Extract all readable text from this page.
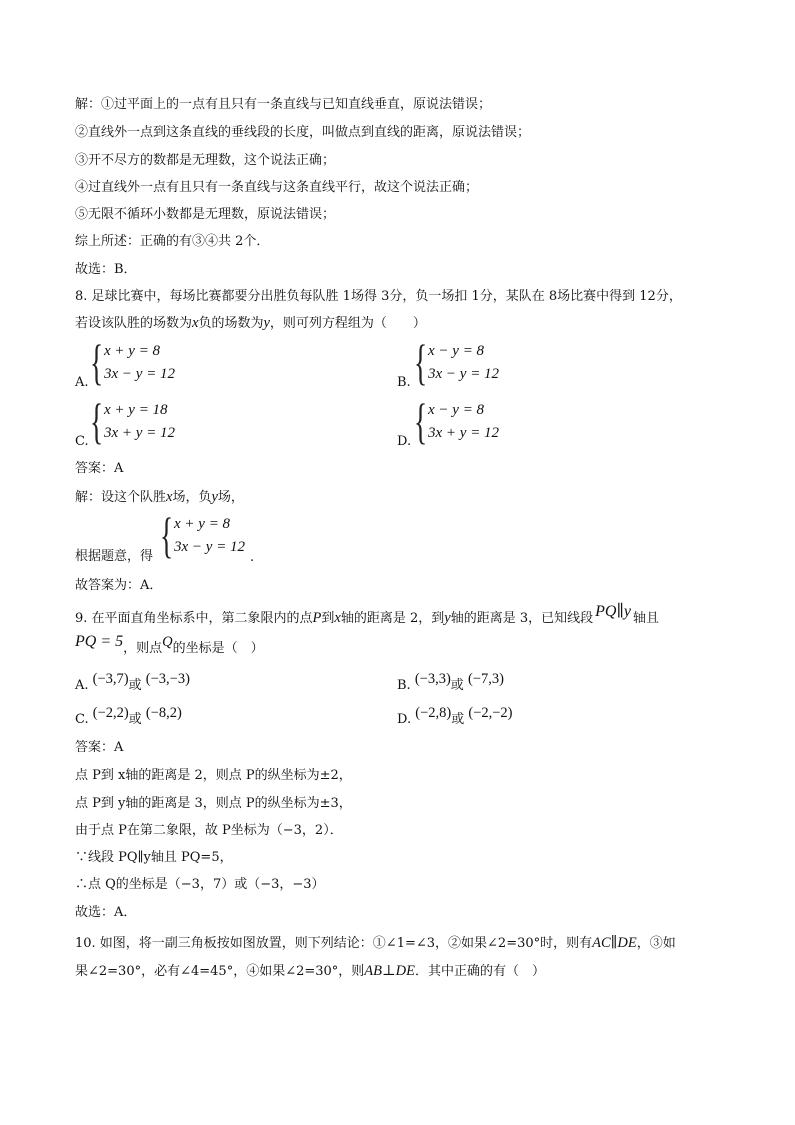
解：①过平面上的一点有且只有一条直线与已知直线垂直，原说法错误；
②直线外一点到这条直线的垂线段的长度，叫做点到直线的距离，原说法错误；
③开不尽方的数都是无理数，这个说法正确；
④过直线外一点有且只有一条直线与这条直线平行，故这个说法正确；
⑤无限不循环小数都是无理数，原说法错误；
综上所述：正确的有③④共 2个．
故选：B．
8. 足球比赛中，每场比赛都要分出胜负每队胜 1场得 3分，负一场扣 1分，某队在 8场比赛中得到 12分，
若设该队胜的场数为x负的场数为y，则可列方程组为（　　）
A. { x + y = 8
3x − y = 12
B. { x − y = 8
3x − y = 12
C. { x + y = 18
3x + y = 12
D. { x − y = 8
3x + y = 12
答案：A
解：设这个队胜x场，负y场，
根据题意，得 { x + y = 8
3x − y = 12
.
故答案为：A．
9. 在平面直角坐标系中，第二象限内的点P到x轴的距离是 2，到y轴的距离是 3，已知线段 PQ∥y 轴且
PQ = 5，则点Q的坐标是（　）
A. (−3,7)或 (−3,−3)	B. (−3,3)或 (−7,3)
C. (−2,2)或 (−8,2)	D. (−2,8)或 (−2,−2)
答案：A
点 P到 x轴的距离是 2，则点 P的纵坐标为±2，
点 P到 y轴的距离是 3，则点 P的纵坐标为±3，
由于点 P在第二象限，故 P坐标为（−3，2）．
∵线段 PQ∥y轴且 PQ=5，
∴点 Q的坐标是（−3，7）或（−3，−3）
故选：A．
10. 如图，将一副三角板按如图放置，则下列结论：①∠1=∠3，②如果∠2=30°时，则有AC∥DE，③如
果∠2=30°，必有∠4=45°，④如果∠2=30°，则AB⊥DE．其中正确的有（　）
